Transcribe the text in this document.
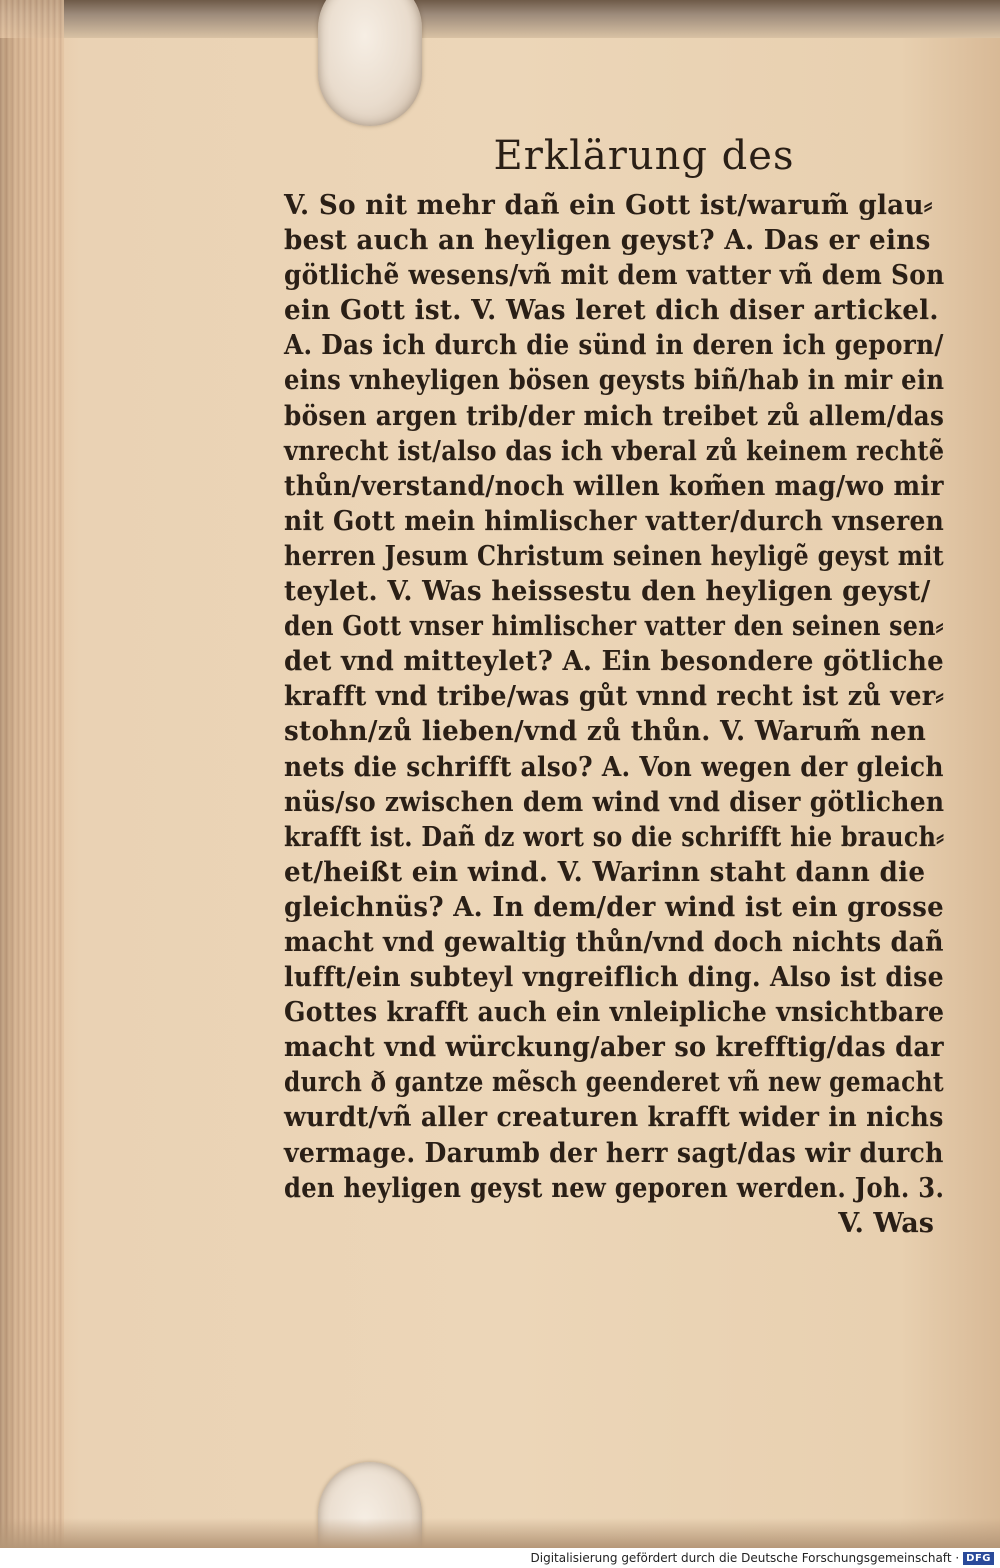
Erklärung des
V. So nit mehr dañ ein Gott ist/warum̃ glau⸗
best auch an heyligen geyst? A. Das er eins
götlichẽ wesens/vñ mit dem vatter vñ dem Son
ein Gott ist. V. Was leret dich diser artickel.
A. Das ich durch die sünd in deren ich geporn/
eins vnheyligen bösen geysts biñ/hab in mir ein
bösen argen trib/der mich treibet zů allem/das
vnrecht ist/also das ich vberal zů keinem rechtẽ
thůn/verstand/noch willen kom̃en mag/wo mir
nit Gott mein himlischer vatter/durch vnseren
herren Jesum Christum seinen heyligẽ geyst mit
teylet. V. Was heissestu den heyligen geyst/
den Gott vnser himlischer vatter den seinen sen⸗
det vnd mitteylet? A. Ein besondere götliche
krafft vnd tribe/was gůt vnnd recht ist zů ver⸗
stohn/zů lieben/vnd zů thůn. V. Warum̃ nen
nets die schrifft also? A. Von wegen der gleich
nüs/so zwischen dem wind vnd diser götlichen
krafft ist. Dañ dz wort so die schrifft hie brauch⸗
et/heißt ein wind. V. Warinn staht dann die
gleichnüs? A. In dem/der wind ist ein grosse
macht vnd gewaltig thůn/vnd doch nichts dañ
lufft/ein subteyl vngreiflich ding. Also ist dise
Gottes krafft auch ein vnleipliche vnsichtbare
macht vnd würckung/aber so krefftig/das dar
durch ð gantze mẽsch geenderet vñ new gemacht
wurdt/vñ aller creaturen krafft wider in nichs
vermage. Darumb der herr sagt/das wir durch
den heyligen geyst new geporen werden. Joh. 3.
V. Was
Digitalisierung gefördert durch die Deutsche Forschungsgemeinschaft · DFG
